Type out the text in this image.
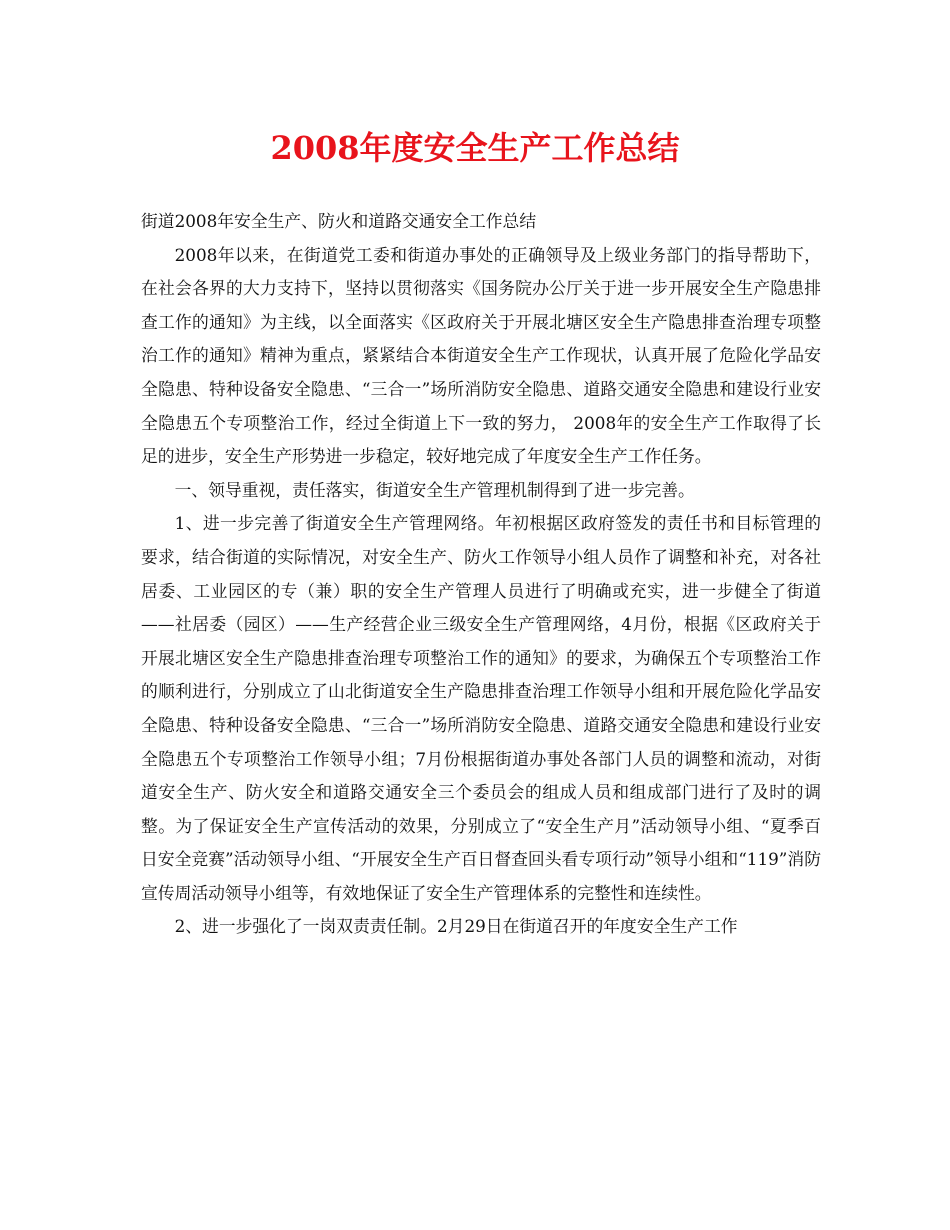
2008年度安全生产工作总结

街道2008年安全生产、防火和道路交通安全工作总结

2008年以来，在街道党工委和街道办事处的正确领导及上级业务部门的指导帮助下，在社会各界的大力支持下，坚持以贯彻落实《国务院办公厅关于进一步开展安全生产隐患排查工作的通知》为主线，以全面落实《区政府关于开展北塘区安全生产隐患排查治理专项整治工作的通知》精神为重点，紧紧结合本街道安全生产工作现状，认真开展了危险化学品安全隐患、特种设备安全隐患、“三合一”场所消防安全隐患、道路交通安全隐患和建设行业安全隐患五个专项整治工作，经过全街道上下一致的努力， 2008年的安全生产工作取得了长足的进步，安全生产形势进一步稳定，较好地完成了年度安全生产工作任务。

一、领导重视，责任落实，街道安全生产管理机制得到了进一步完善。

1、进一步完善了街道安全生产管理网络。年初根据区政府签发的责任书和目标管理的要求，结合街道的实际情况，对安全生产、防火工作领导小组人员作了调整和补充，对各社居委、工业园区的专（兼）职的安全生产管理人员进行了明确或充实，进一步健全了街道——社居委（园区）——生产经营企业三级安全生产管理网络，4月份，根据《区政府关于开展北塘区安全生产隐患排查治理专项整治工作的通知》的要求，为确保五个专项整治工作的顺利进行，分别成立了山北街道安全生产隐患排查治理工作领导小组和开展危险化学品安全隐患、特种设备安全隐患、“三合一”场所消防安全隐患、道路交通安全隐患和建设行业安全隐患五个专项整治工作领导小组；7月份根据街道办事处各部门人员的调整和流动，对街道安全生产、防火安全和道路交通安全三个委员会的组成人员和组成部门进行了及时的调整。为了保证安全生产宣传活动的效果，分别成立了“安全生产月”活动领导小组、“夏季百日安全竞赛”活动领导小组、“开展安全生产百日督查回头看专项行动”领导小组和“119”消防宣传周活动领导小组等，有效地保证了安全生产管理体系的完整性和连续性。

2、进一步强化了一岗双责责任制。2月29日在街道召开的年度安全生产工作
